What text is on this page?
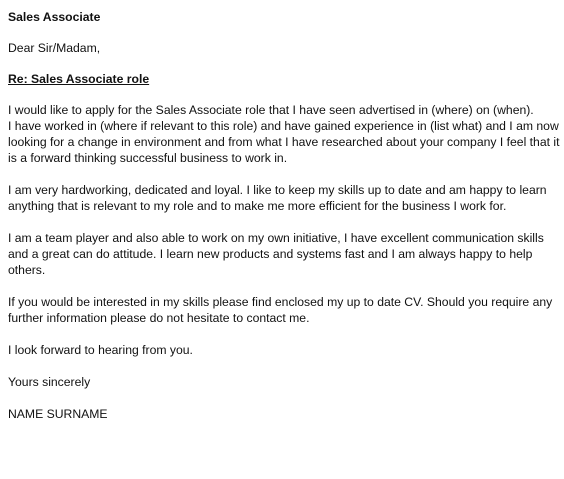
Sales Associate
Dear Sir/Madam,
Re: Sales Associate role
I would like to apply for the Sales Associate role that I have seen advertised in (where) on (when).
I have worked in (where if relevant to this role) and have gained experience in (list what) and I am now
looking for a change in environment and from what I have researched about your company I feel that it
is a forward thinking successful business to work in.
I am very hardworking, dedicated and loyal. I like to keep my skills up to date and am happy to learn
anything that is relevant to my role and to make me more efficient for the business I work for.
I am a team player and also able to work on my own initiative, I have excellent communication skills
and a great can do attitude. I learn new products and systems fast and I am always happy to help
others.
If you would be interested in my skills please find enclosed my up to date CV. Should you require any
further information please do not hesitate to contact me.
I look forward to hearing from you.
Yours sincerely
NAME SURNAME
